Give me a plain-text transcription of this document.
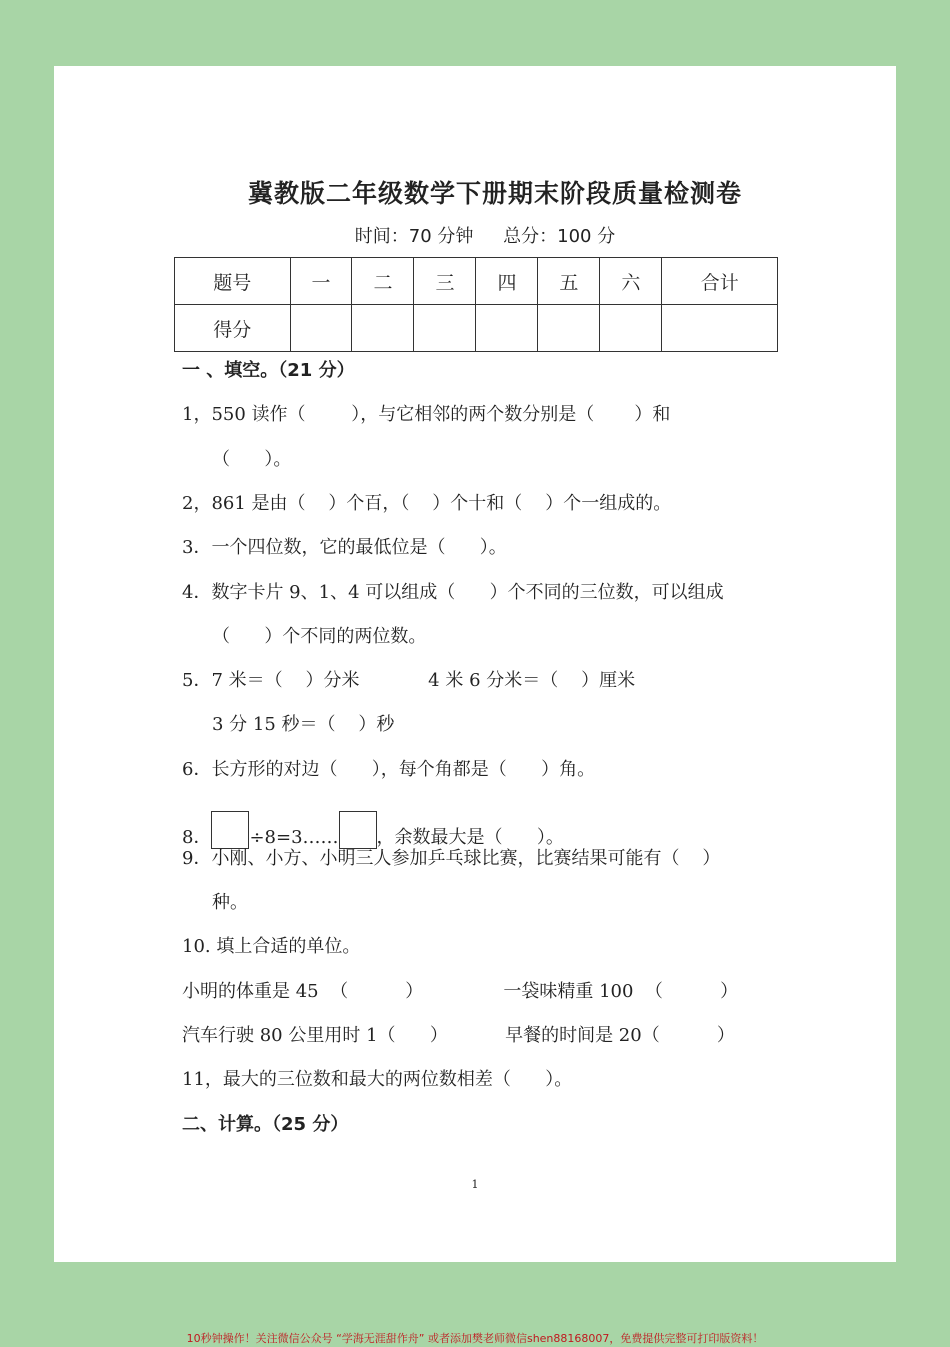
冀教版二年级数学下册期末阶段质量检测卷
时间：70 分钟 总分：100 分
题号	一	二	三	四	五	六	合计
得分							
一 、填空。（21 分）
1，550 读作（        ），与它相邻的两个数分别是（       ）和
（      ）。
2，861 是由（    ）个百，（    ）个十和（    ）个一组成的。
3．一个四位数，它的最低位是（      ）。
4．数字卡片 9、1、4 可以组成（      ）个不同的三位数，可以组成
（      ）个不同的两位数。
5．7 米＝（    ）分米            4 米 6 分米＝（    ）厘米
3 分 15 秒＝（    ）秒
6．长方形的对边（      ），每个角都是（      ）角。
8． ÷8=3…… ，余数最大是（      ）。
9．小刚、小方、小明三人参加乒乓球比赛，比赛结果可能有（    ）
种。
10. 填上合适的单位。
小明的体重是 45  （          ）              一袋味精重 100  （          ）
汽车行驶 80 公里用时 1（      ）          早餐的时间是 20（          ）
11，最大的三位数和最大的两位数相差（      ）。
二、计算。（25 分）
1
10秒钟操作！关注微信公众号 “学海无涯甜作舟” 或者添加樊老师微信shen88168007，免费提供完整可打印版资料！
